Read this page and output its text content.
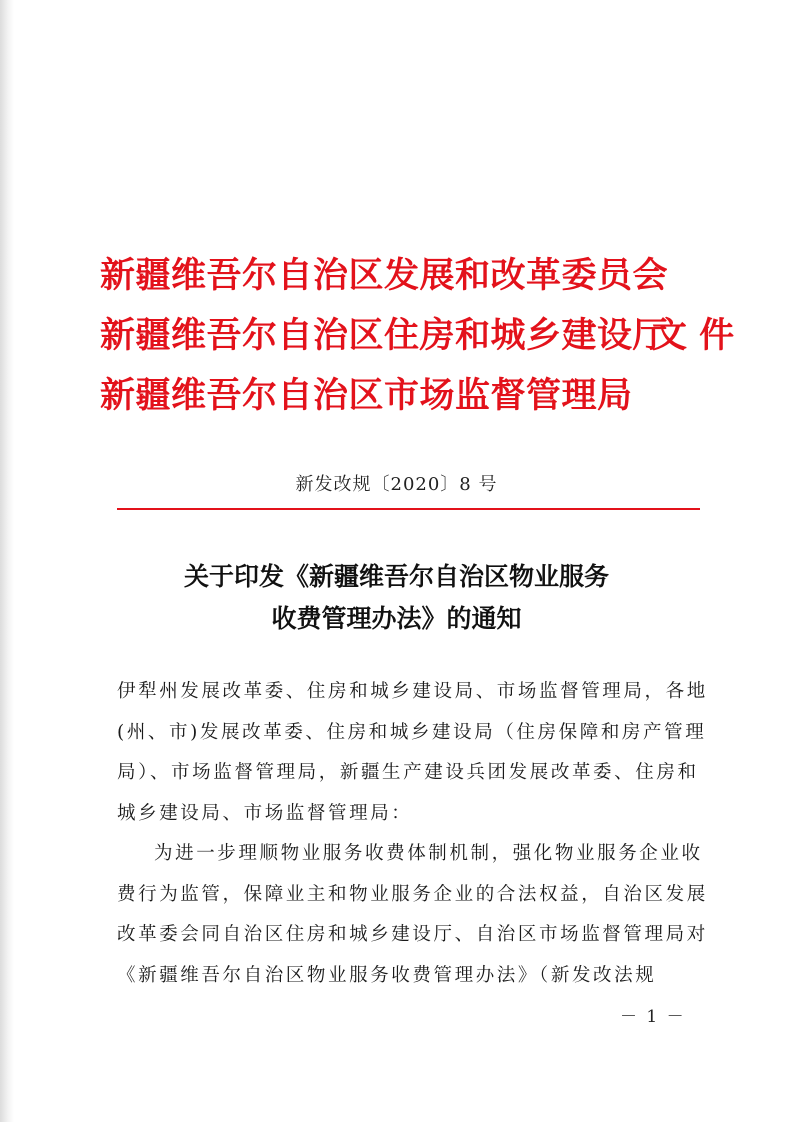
新疆维吾尔自治区发展和改革委员会
新疆维吾尔自治区住房和城乡建设厅
新疆维吾尔自治区市场监督管理局
文 件
新发改规〔2020〕8 号
关于印发《新疆维吾尔自治区物业服务
收费管理办法》的通知
伊犁州发展改革委、住房和城乡建设局、市场监督管理局，各地
(州、市)发展改革委、住房和城乡建设局（住房保障和房产管理
局）、市场监督管理局，新疆生产建设兵团发展改革委、住房和
城乡建设局、市场监督管理局：
为进一步理顺物业服务收费体制机制，强化物业服务企业收
费行为监管，保障业主和物业服务企业的合法权益，自治区发展
改革委会同自治区住房和城乡建设厅、自治区市场监督管理局对
《新疆维吾尔自治区物业服务收费管理办法》（新发改法规
－ 1 －
